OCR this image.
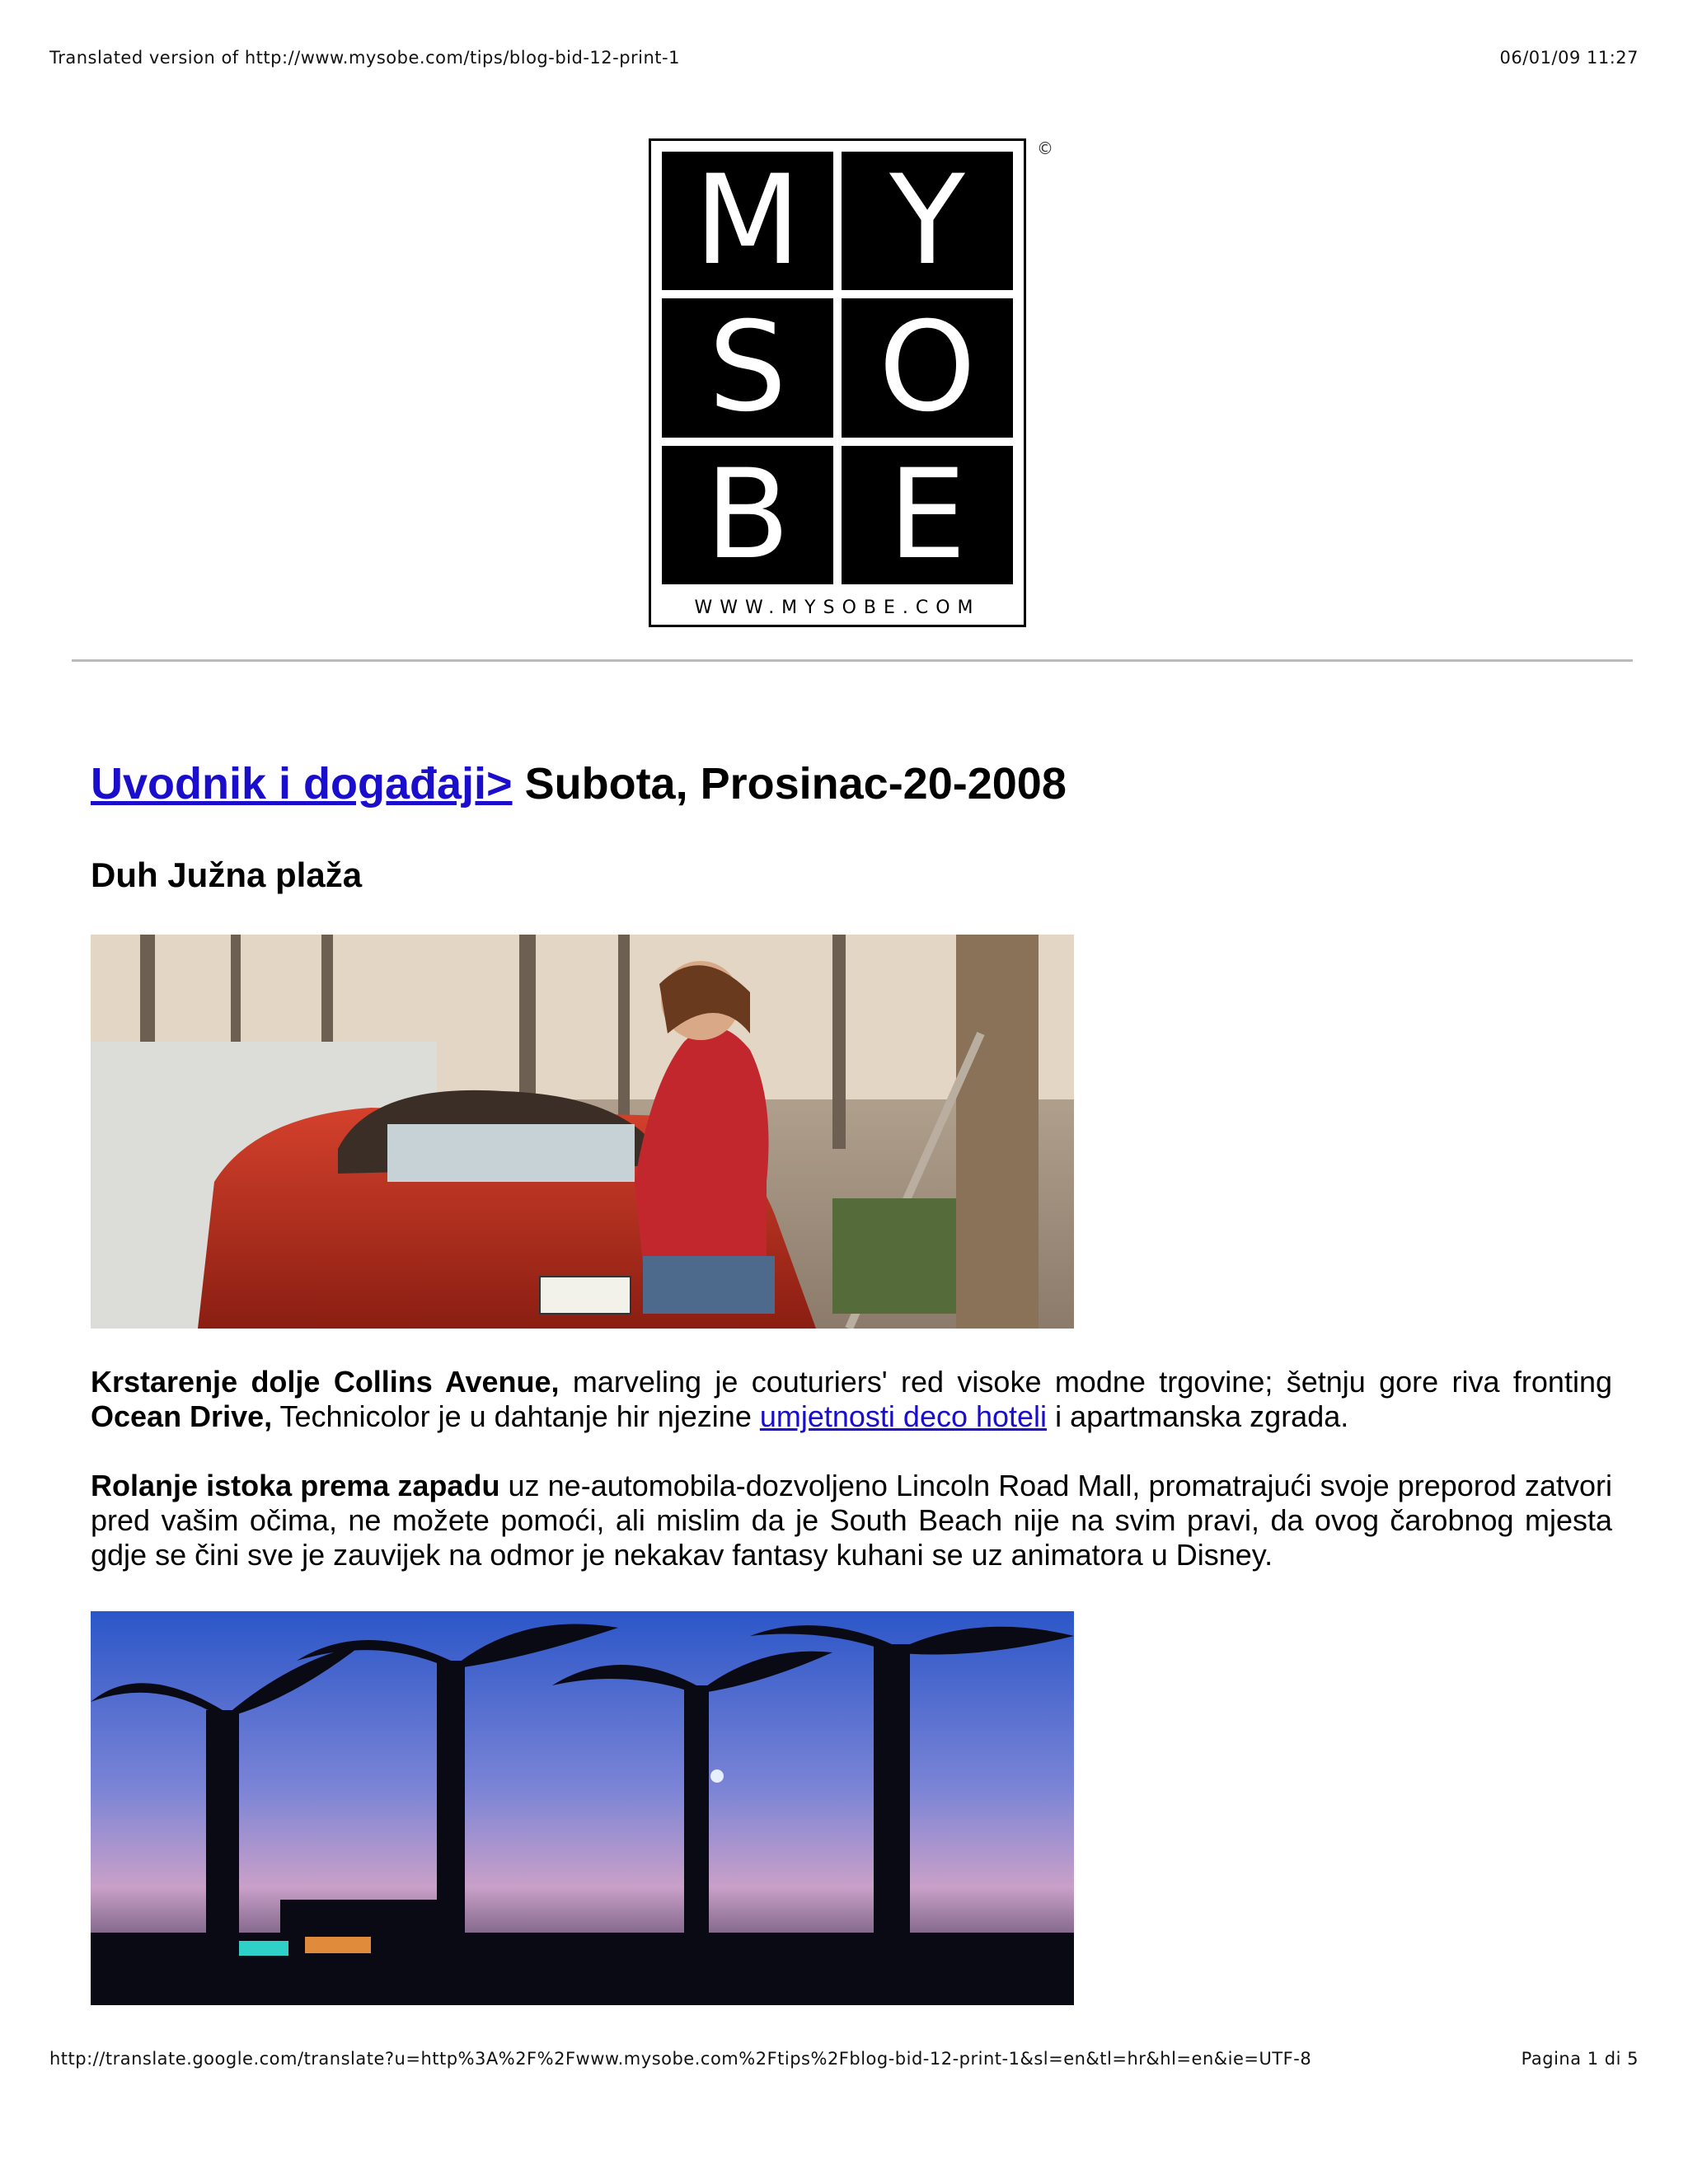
Translated version of http://www.mysobe.com/tips/blog-bid-12-print-1	06/01/09 11:27
M Y
S O
B E
WWW.MYSOBE.COM
©
Uvodnik i događaji> Subota, Prosinac-20-2008
Duh Južna plaža
Krstarenje dolje Collins Avenue, marveling je couturiers' red visoke modne trgovine; šetnju gore riva fronting Ocean Drive, Technicolor je u dahtanje hir njezine umjetnosti deco hoteli i apartmanska zgrada.
Rolanje istoka prema zapadu uz ne-automobila-dozvoljeno Lincoln Road Mall, promatrajući svoje preporod zatvori pred vašim očima, ne možete pomoći, ali mislim da je South Beach nije na svim pravi, da ovog čarobnog mjesta gdje se čini sve je zauvijek na odmor je nekakav fantasy kuhani se uz animatora u Disney.
http://translate.google.com/translate?u=http%3A%2F%2Fwww.mysobe.com%2Ftips%2Fblog-bid-12-print-1&sl=en&tl=hr&hl=en&ie=UTF-8	Pagina 1 di 5
